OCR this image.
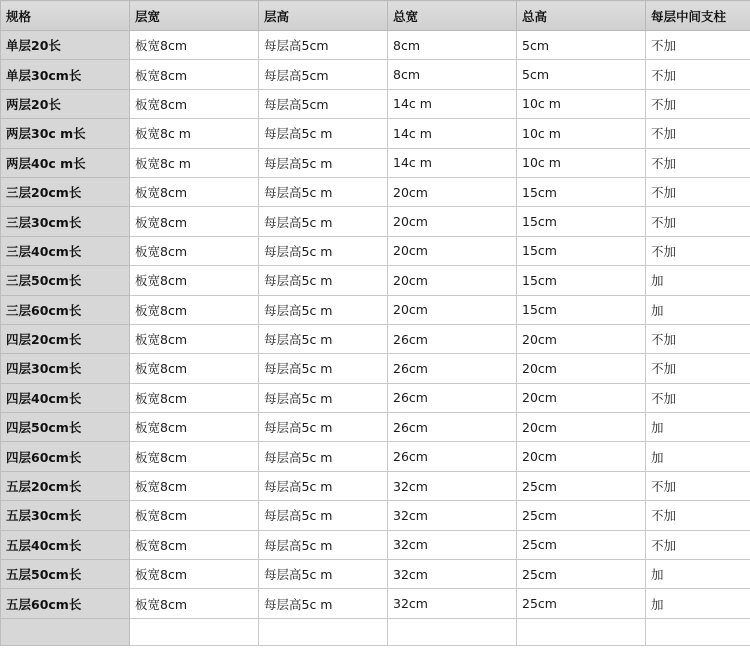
规格	层宽	层高	总宽	总高	每层中间支柱
单层20长	板宽8cm	每层高5cm	8cm	5cm	不加
单层30cm长	板宽8cm	每层高5cm	8cm	5cm	不加
两层20长	板宽8cm	每层高5cm	14c m	10c m	不加
两层30c m长	板宽8c m	每层高5c m	14c m	10c m	不加
两层40c m长	板宽8c m	每层高5c m	14c m	10c m	不加
三层20cm长	板宽8cm	每层高5c m	20cm	15cm	不加
三层30cm长	板宽8cm	每层高5c m	20cm	15cm	不加
三层40cm长	板宽8cm	每层高5c m	20cm	15cm	不加
三层50cm长	板宽8cm	每层高5c m	20cm	15cm	加
三层60cm长	板宽8cm	每层高5c m	20cm	15cm	加
四层20cm长	板宽8cm	每层高5c m	26cm	20cm	不加
四层30cm长	板宽8cm	每层高5c m	26cm	20cm	不加
四层40cm长	板宽8cm	每层高5c m	26cm	20cm	不加
四层50cm长	板宽8cm	每层高5c m	26cm	20cm	加
四层60cm长	板宽8cm	每层高5c m	26cm	20cm	加
五层20cm长	板宽8cm	每层高5c m	32cm	25cm	不加
五层30cm长	板宽8cm	每层高5c m	32cm	25cm	不加
五层40cm长	板宽8cm	每层高5c m	32cm	25cm	不加
五层50cm长	板宽8cm	每层高5c m	32cm	25cm	加
五层60cm长	板宽8cm	每层高5c m	32cm	25cm	加
